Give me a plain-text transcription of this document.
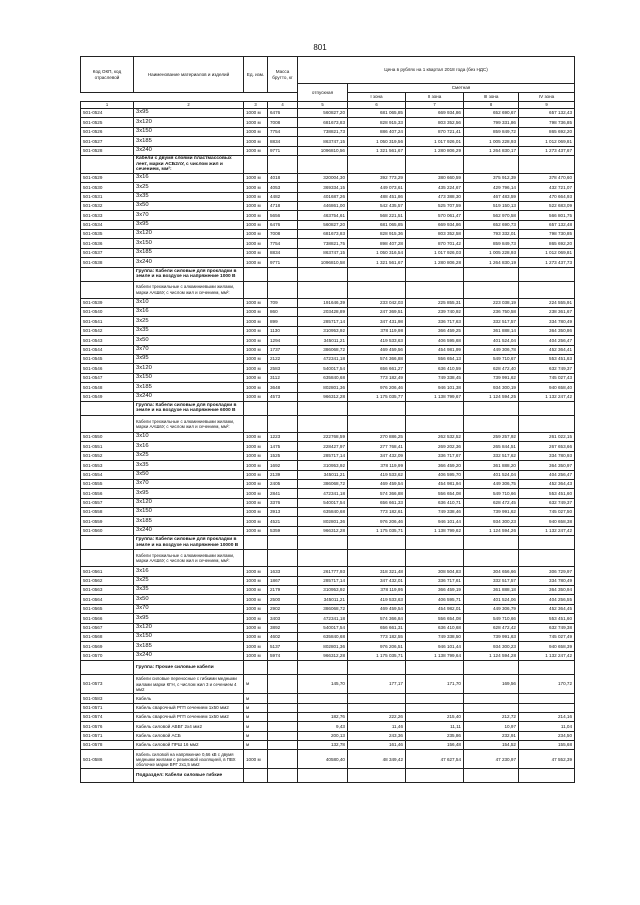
801
Код ОКП, код отраслевой	Наименование материалов и изделий	Ед. изм.	Масса брутто, кг	Цена в рублях на 1 квартал 2018 года (без НДС)				
				отпускная	Сметная			
					I зона	II зона	III зона	IV зона
1	2	3	4	5	6	7	8	9
501-0524	3x95	1000 м	6476	560827,20	681 065,85	669 934,86	652 690,67	657 132,43
501-0525	3x120	1000 м	7008	681673,83	828 915,33	803 352,56	799 331,86	798 736,85
501-0526	3x150	1000 м	7754	738821,73	886 407,24	870 721,41	859 849,72	865 692,20
501-0527	3x185	1000 м	8834	863747,15	1 050 319,56	1 017 926,01	1 005 228,93	1 012 069,81
501-0528	3x240	1000 м	9771	1096810,56	1 321 561,67	1 280 806,29	1 264 830,17	1 273 437,67
	Кабели с двумя слоями пластмассовых лент, марки АСБ2лУ, с числом жил и сечением, мм²:							
501-0529	3x16	1000 м	4018	320004,30	392 773,29	380 660,59	375 912,39	378 470,60
501-0530	3x25	1000 м	4053	369334,15	449 073,61	435 224,67	429 796,14	432 721,07
501-0531	3x35	1000 м	4482	401687,26	488 451,86	473 388,30	467 483,59	470 664,93
501-0532	3x50	1000 м	4718	446861,00	542 435,57	525 707,59	519 150,13	522 683,09
501-0533	3x70	1000 м	5656	463754,61	568 221,51	570 061,47	562 970,58	566 801,75
501-0534	3x95	1000 м	6476	560827,20	681 065,85	669 934,86	652 690,73	657 132,48
501-0535	3x120	1000 м	7008	681673,83	828 915,36	803 352,58	793 332,01	798 730,85
501-0536	3x150	1000 м	7754	738821,75	898 407,28	870 701,42	859 849,73	865 692,20
501-0537	3x185	1000 м	8834	863747,15	1 050 316,54	1 017 926,03	1 005 228,93	1 012 069,81
501-0538	3x240	1000 м	9771	1096810,58	1 321 561,67	1 280 806,28	1 264 830,19	1 273 437,73
	Группа: Кабели силовые для прокладки в земле и на воздухе на напряжение 1000 В							
	Кабели трехжильные с алюминиевыми жилами, марки ААШвУ, с числом жил и сечением, мм²:							
501-0539	3x10	1000 м	709	191646,39	233 042,03	225 855,31	223 038,19	224 555,91
501-0540	3x16	1000 м	860	203428,89	247 369,51	239 740,92	236 750,58	238 361,67
501-0541	3x25	1000 м	899	285717,14	347 431,98	336 717,63	332 517,57	334 780,49
501-0542	3x35	1000 м	1130	310953,92	378 119,98	366 459,25	361 888,14	364 350,86
501-0543	3x50	1000 м	1294	345011,21	419 533,63	406 595,68	401 524,04	404 256,47
501-0544	3x70	1000 м	1737	386068,72	469 459,56	454 981,99	449 306,78	452 364,41
501-0545	3x95	1000 м	2122	472341,18	574 366,88	556 654,13	549 710,67	553 451,63
501-0546	3x120	1000 м	2583	540017,54	656 661,27	636 410,59	628 472,40	632 749,37
501-0547	3x150	1000 м	3112	635840,68	773 182,49	749 338,45	739 991,62	745 027,43
501-0548	3x185	1000 м	3648	802801,36	976 206,46	946 101,38	934 300,19	940 658,40
501-0549	3x240	1000 м	4573	966312,28	1 175 035,77	1 138 799,67	1 124 594,25	1 132 247,42
	Группа: Кабели силовые для прокладки в земле и на воздухе на напряжение 6000 В							
	Кабели трехжильные с алюминиевыми жилами, марки ААШвУ, с числом жил и сечением, мм²:							
501-0550	3x10	1000 м	1223	222768,59	270 886,25	262 532,52	259 257,92	261 022,15
501-0551	3x16	1000 м	1475	228427,97	277 768,41	269 202,36	265 844,51	267 653,66
501-0552	3x25	1000 м	1525	285717,14	347 432,09	336 717,67	332 517,62	334 780,93
501-0553	3x35	1000 м	1692	310953,92	378 119,99	366 459,20	361 888,20	364 350,97
501-0554	3x50	1000 м	2139	345011,21	419 533,62	406 595,70	401 524,04	404 256,47
501-0555	3x70	1000 м	2405	386068,72	469 459,54	454 981,94	449 306,75	452 364,43
501-0556	3x95	1000 м	2841	472341,18	574 366,88	556 654,08	549 710,66	553 451,60
501-0557	3x120	1000 м	3376	540017,54	656 661,33	636 410,71	628 472,45	632 749,37
501-0558	3x150	1000 м	3913	635840,68	773 182,61	749 338,46	739 991,62	745 027,50
501-0559	3x185	1000 м	4521	802801,36	976 206,46	946 101,44	934 300,23	940 658,38
501-0560	3x240	1000 м	5359	966312,28	1 175 035,71	1 138 799,62	1 124 594,26	1 132 247,42
	Группа: Кабели силовые для прокладки в земле и на воздухе на напряжение 10000 В							
	Кабели трехжильные с алюминиевыми жилами, марки ААШвУ, с числом жил и сечением, мм²:							
501-0561	3x16	1000 м	1633	261777,93	318 321,48	308 504,83	304 656,66	306 729,97
501-0562	3x25	1000 м	1867	285717,14	347 432,01	336 717,61	332 517,57	334 780,49
501-0563	3x35	1000 м	2179	310953,92	378 119,95	366 459,19	361 888,18	364 350,94
501-0564	3x50	1000 м	2500	345011,21	419 533,63	406 595,71	401 524,06	404 256,55
501-0565	3x70	1000 м	2902	386068,72	469 459,54	454 982,01	449 306,79	452 364,45
501-0566	3x95	1000 м	3403	472341,18	574 366,84	556 654,08	549 710,66	553 451,60
501-0567	3x120	1000 м	3892	540017,54	656 661,31	636 410,68	628 472,42	632 749,38
501-0568	3x150	1000 м	4602	635840,68	773 182,55	749 338,50	739 991,63	745 027,49
501-0569	3x185	1000 м	5137	802801,36	976 206,51	946 101,44	934 300,23	940 658,39
501-0570	3x240	1000 м	5974	966312,28	1 175 035,71	1 138 799,64	1 124 594,28	1 132 247,42
	Группа: Прочие силовые кабели							
501-0573	Кабели силовые переносные с гибкими медными жилами марки КГН, с числом жил 3 и сечением 4 мм2	м		145,70	177,17	171,70	169,56	170,72
501-0583	Кабель	м						
501-0571	Кабель сварочный РГП сечением 1x50 мм2	м						
501-0574	Кабель сварочный РГП сечением 1x50 мм2	м		182,76	222,26	215,40	212,72	214,16
501-0576	Кабель силовой АВВГ 2x4 мм2	м		9,43	11,46	11,11	10,97	11,04
501-0571	Кабель силовой АСБ	м		200,13	243,36	235,86	232,91	234,50
501-0578	Кабель силовой ПРШ 16 мм2	м		132,78	161,46	156,48	154,52	155,68
501-0586	Кабель силовой на напряжение 0,66 кВ с двумя медными жилами с резиновой изоляцией, в ПВХ оболочке марки ВРГ 2x1,5 мм2	1000 м		40580,40	48 349,42	47 627,54	47 230,97	47 552,39
	Подраздел: Кабели силовые гибкие							
